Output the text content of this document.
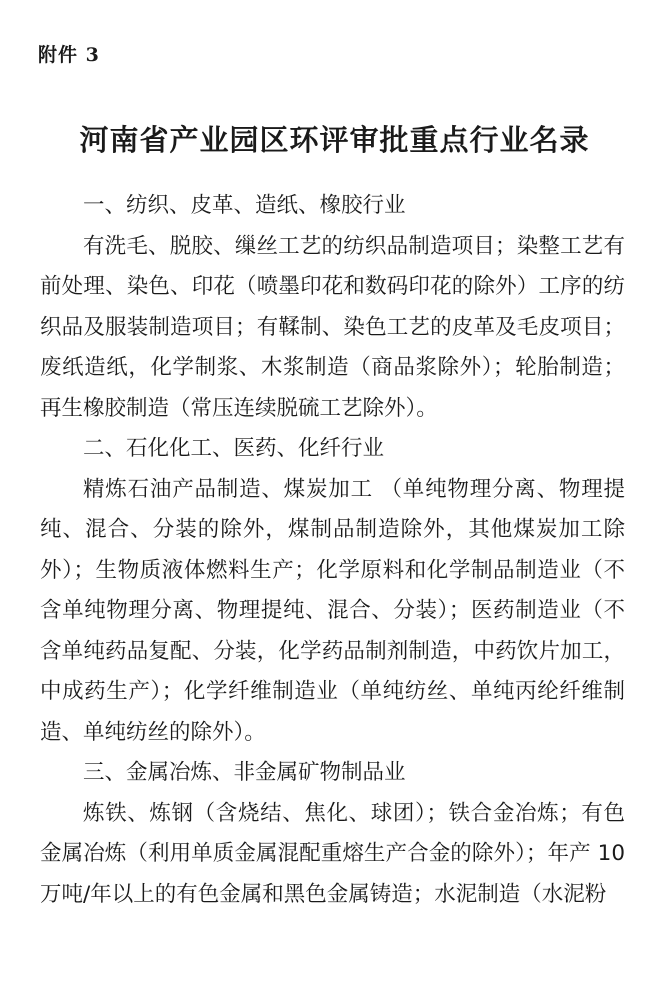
附件 3
河南省产业园区环评审批重点行业名录

一、纺织、皮革、造纸、橡胶行业

有洗毛、脱胶、缫丝工艺的纺织品制造项目；染整工艺有前处理、染色、印花（喷墨印花和数码印花的除外）工序的纺织品及服装制造项目；有鞣制、染色工艺的皮革及毛皮项目；废纸造纸，化学制浆、木浆制造（商品浆除外）；轮胎制造；再生橡胶制造（常压连续脱硫工艺除外）。

二、石化化工、医药、化纤行业

精炼石油产品制造、煤炭加工 （单纯物理分离、物理提纯、混合、分装的除外，煤制品制造除外，其他煤炭加工除外）；生物质液体燃料生产；化学原料和化学制品制造业（不含单纯物理分离、物理提纯、混合、分装）；医药制造业（不含单纯药品复配、分装，化学药品制剂制造，中药饮片加工，中成药生产）；化学纤维制造业（单纯纺丝、单纯丙纶纤维制造、单纯纺丝的除外）。

三、金属冶炼、非金属矿物制品业

炼铁、炼钢（含烧结、焦化、球团）；铁合金冶炼；有色金属冶炼（利用单质金属混配重熔生产合金的除外）；年产 10 万吨/年以上的有色金属和黑色金属铸造；水泥制造（水泥粉
